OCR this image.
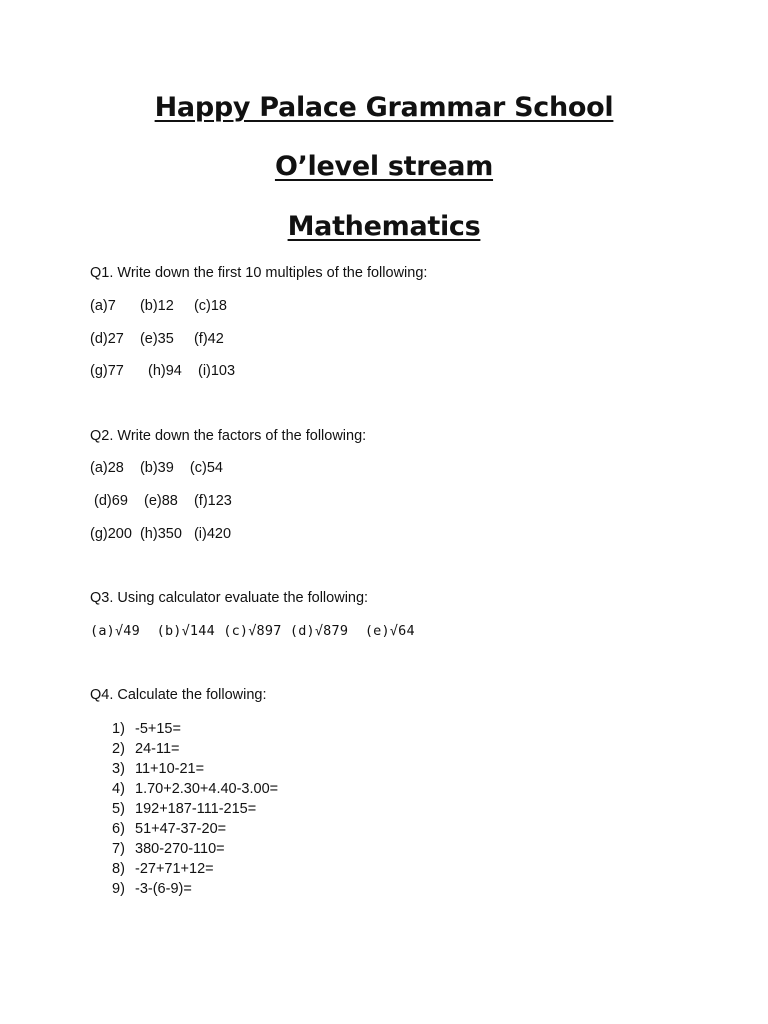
Happy Palace Grammar School
O’level stream
Mathematics
Q1. Write down the first 10 multiples of the following:
(a)7      (b)12     (c)18
(d)27    (e)35     (f)42
(g)77      (h)94    (i)103
Q2. Write down the factors of the following:
(a)28    (b)39    (c)54
(d)69    (e)88    (f)123
(g)200  (h)350   (i)420
Q3. Using calculator evaluate the following:
(a)√49  (b)√144 (c)√897 (d)√879  (e)√64
Q4. Calculate the following:
1) -5+15=
2) 24-11=
3) 11+10-21=
4) 1.70+2.30+4.40-3.00=
5) 192+187-111-215=
6) 51+47-37-20=
7) 380-270-110=
8) -27+71+12=
9) -3-(6-9)=
